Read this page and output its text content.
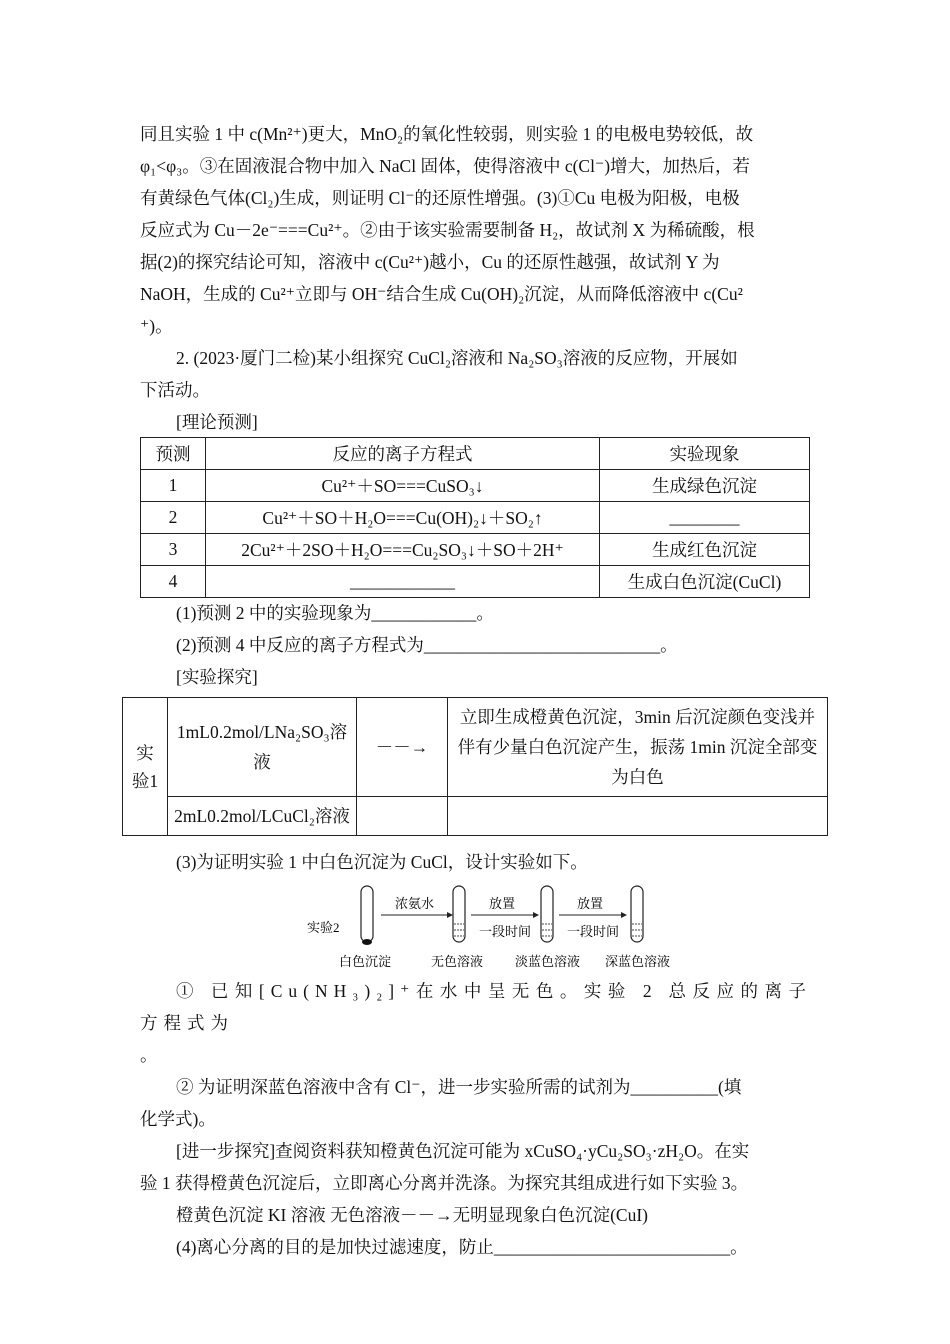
同且实验 1 中 c(Mn²⁺)更大，MnO₂的氧化性较弱，则实验 1 的电极电势较低，故

φ₁<φ₃。③在固液混合物中加入 NaCl 固体，使得溶液中 c(Cl⁻)增大，加热后，若

有黄绿色气体(Cl₂)生成，则证明 Cl⁻的还原性增强。(3)①Cu 电极为阳极，电极

反应式为 Cu－2e⁻===Cu²⁺。②由于该实验需要制备 H₂，故试剂 X 为稀硫酸，根

据(2)的探究结论可知，溶液中 c(Cu²⁺)越小，Cu 的还原性越强，故试剂 Y 为

NaOH，生成的 Cu²⁺立即与 OH⁻结合生成 Cu(OH)₂沉淀，从而降低溶液中 c(Cu²

⁺)。

2. (2023·厦门二检)某小组探究 CuCl₂溶液和 Na₂SO₃溶液的反应物，开展如

下活动。

[理论预测]

预测	反应的离子方程式	实验现象
1	Cu²⁺＋SO===CuSO₃↓	生成绿色沉淀
2	Cu²⁺＋SO＋H₂O===Cu(OH)₂↓＋SO₂↑	________
3	2Cu²⁺＋2SO＋H₂O===Cu₂SO₃↓＋SO＋2H⁺	生成红色沉淀
4	____________	生成白色沉淀(CuCl)

(1)预测 2 中的实验现象为____________。

(2)预测 4 中反应的离子方程式为___________________________。

[实验探究]

实验1	1mL0.2mol/LNa₂SO₃溶液	－－→	立即生成橙黄色沉淀，3min 后沉淀颜色变浅并伴有少量白色沉淀产生，振荡 1min 沉淀全部变为白色
	2mL0.2mol/LCuCl₂溶液		

(3)为证明实验 1 中白色沉淀为 CuCl，设计实验如下。

实验2
浓氨水	放置
一段时间
放置
一段时间
白色沉淀	无色溶液 淡蓝色溶液 深蓝色溶液

① 已知[Cu(NH₃)₂]⁺在水中呈无色。实验 2 总反应的离子方程式为

。

② 为证明深蓝色溶液中含有 Cl⁻，进一步实验所需的试剂为__________(填

化学式)。

[进一步探究]查阅资料获知橙黄色沉淀可能为 xCuSO₄·yCu₂SO₃·zH₂O。在实

验 1 获得橙黄色沉淀后，立即离心分离并洗涤。为探究其组成进行如下实验 3。

橙黄色沉淀 KI 溶液 无色溶液－－→无明显现象白色沉淀(CuI)

(4)离心分离的目的是加快过滤速度，防止___________________________。
